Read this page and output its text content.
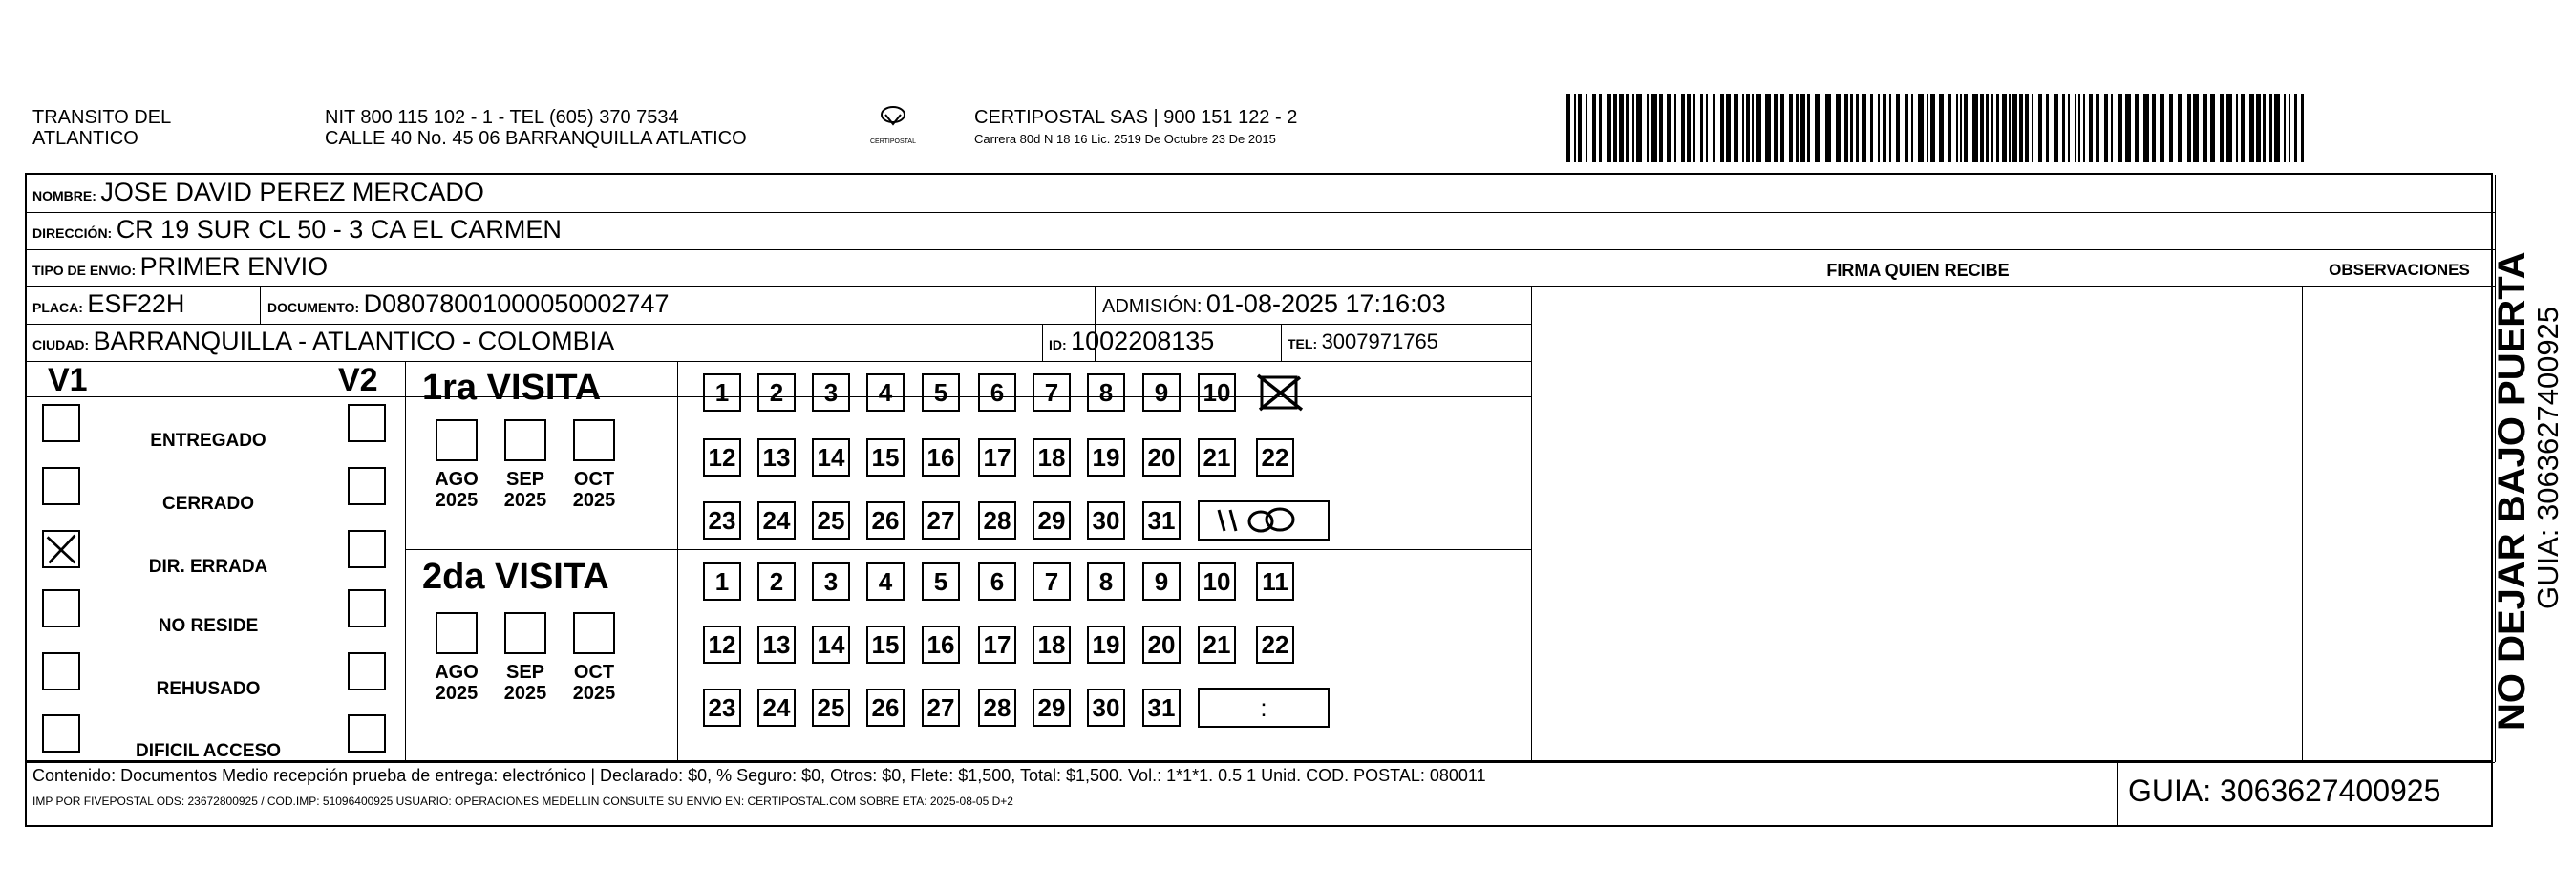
TRANSITO DEL
ATLANTICO
NIT 800 115 102 - 1 - TEL (605) 370 7534
CALLE 40 No. 45 06 BARRANQUILLA ATLATICO	CERTIPOSTAL
CERTIPOSTAL SAS | 900 151 122 - 2
Carrera 80d N 18 16 Lic. 2519 De Octubre 23 De 2015
NOMBRE: JOSE DAVID PEREZ MERCADO
DIRECCIÓN: CR 19 SUR CL 50 - 3 CA EL CARMEN
TIPO DE ENVIO: PRIMER ENVIO	FIRMA QUIEN RECIBE	OBSERVACIONES
PLACA: ESF22H	DOCUMENTO: D08078001000050002747	ADMISIÓN: 01-08-2025 17:16:03
CIUDAD: BARRANQUILLA - ATLANTICO - COLOMBIA	ID: 1002208135	TEL: 3007971765
V1	V2
ENTREGADO
CERRADO
DIR. ERRADA
NO RESIDE
REHUSADO
DIFICIL ACCESO
1ra VISITA
2da VISITA
AGO
2025
SEP
2025
OCT
2025
AGO
2025
SEP
2025
OCT
2025
1	2	3	4	5	6	7	8	9	10
12 13 14 15 16 17 18 19 20 21 22
23 24 25 26 27 28 29 30 31
1	2	3	4	5	6	7	8	9	10 11
12 13 14 15 16 17 18 19 20 21 22
23 24 25 26 27 28 29 30 31	:	NO DEJAR BAJO PUERTA
GUIA: 3063627400925
Contenido: Documentos Medio recepción prueba de entrega: electrónico | Declarado: $0, % Seguro: $0, Otros: $0, Flete: $1,500, Total: $1,500. Vol.: 1*1*1. 0.5 1 Unid. COD. POSTAL: 080011
IMP POR FIVEPOSTAL ODS: 23672800925 / COD.IMP: 51096400925 USUARIO: OPERACIONES MEDELLIN CONSULTE SU ENVIO EN: CERTIPOSTAL.COM SOBRE ETA: 2025-08-05 D+2	GUIA: 3063627400925
